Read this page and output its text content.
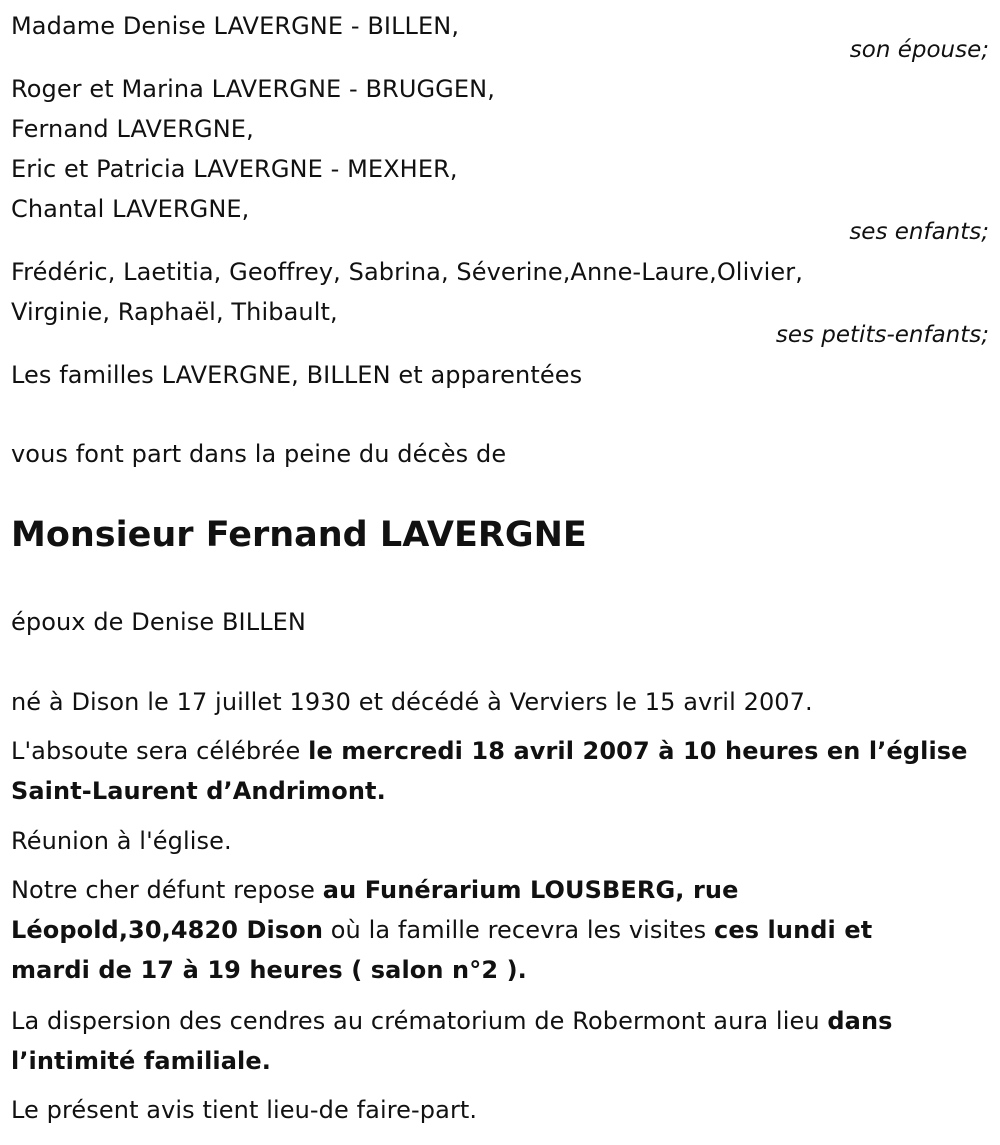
Madame Denise LAVERGNE - BILLEN,
son épouse;
Roger et Marina LAVERGNE - BRUGGEN,
Fernand LAVERGNE,
Eric et Patricia LAVERGNE - MEXHER,
Chantal LAVERGNE,
ses enfants;
Frédéric, Laetitia, Geoffrey, Sabrina, Séverine,Anne-Laure,Olivier,
Virginie, Raphaël, Thibault,
ses petits-enfants;
Les familles LAVERGNE, BILLEN et apparentées
vous font part dans la peine du décès de
Monsieur Fernand LAVERGNE
époux de Denise BILLEN
né à Dison le 17 juillet 1930 et décédé à Verviers le 15 avril 2007.
L'absoute sera célébrée le mercredi 18 avril 2007 à 10 heures en l’église
Saint-Laurent d’Andrimont.
Réunion à l'église.
Notre cher défunt repose au Funérarium LOUSBERG, rue
Léopold,30,4820 Dison où la famille recevra les visites ces lundi et
mardi de 17 à 19 heures ( salon n°2 ).
La dispersion des cendres au crématorium de Robermont aura lieu dans
l’intimité familiale.
Le présent avis tient lieu-de faire-part.
